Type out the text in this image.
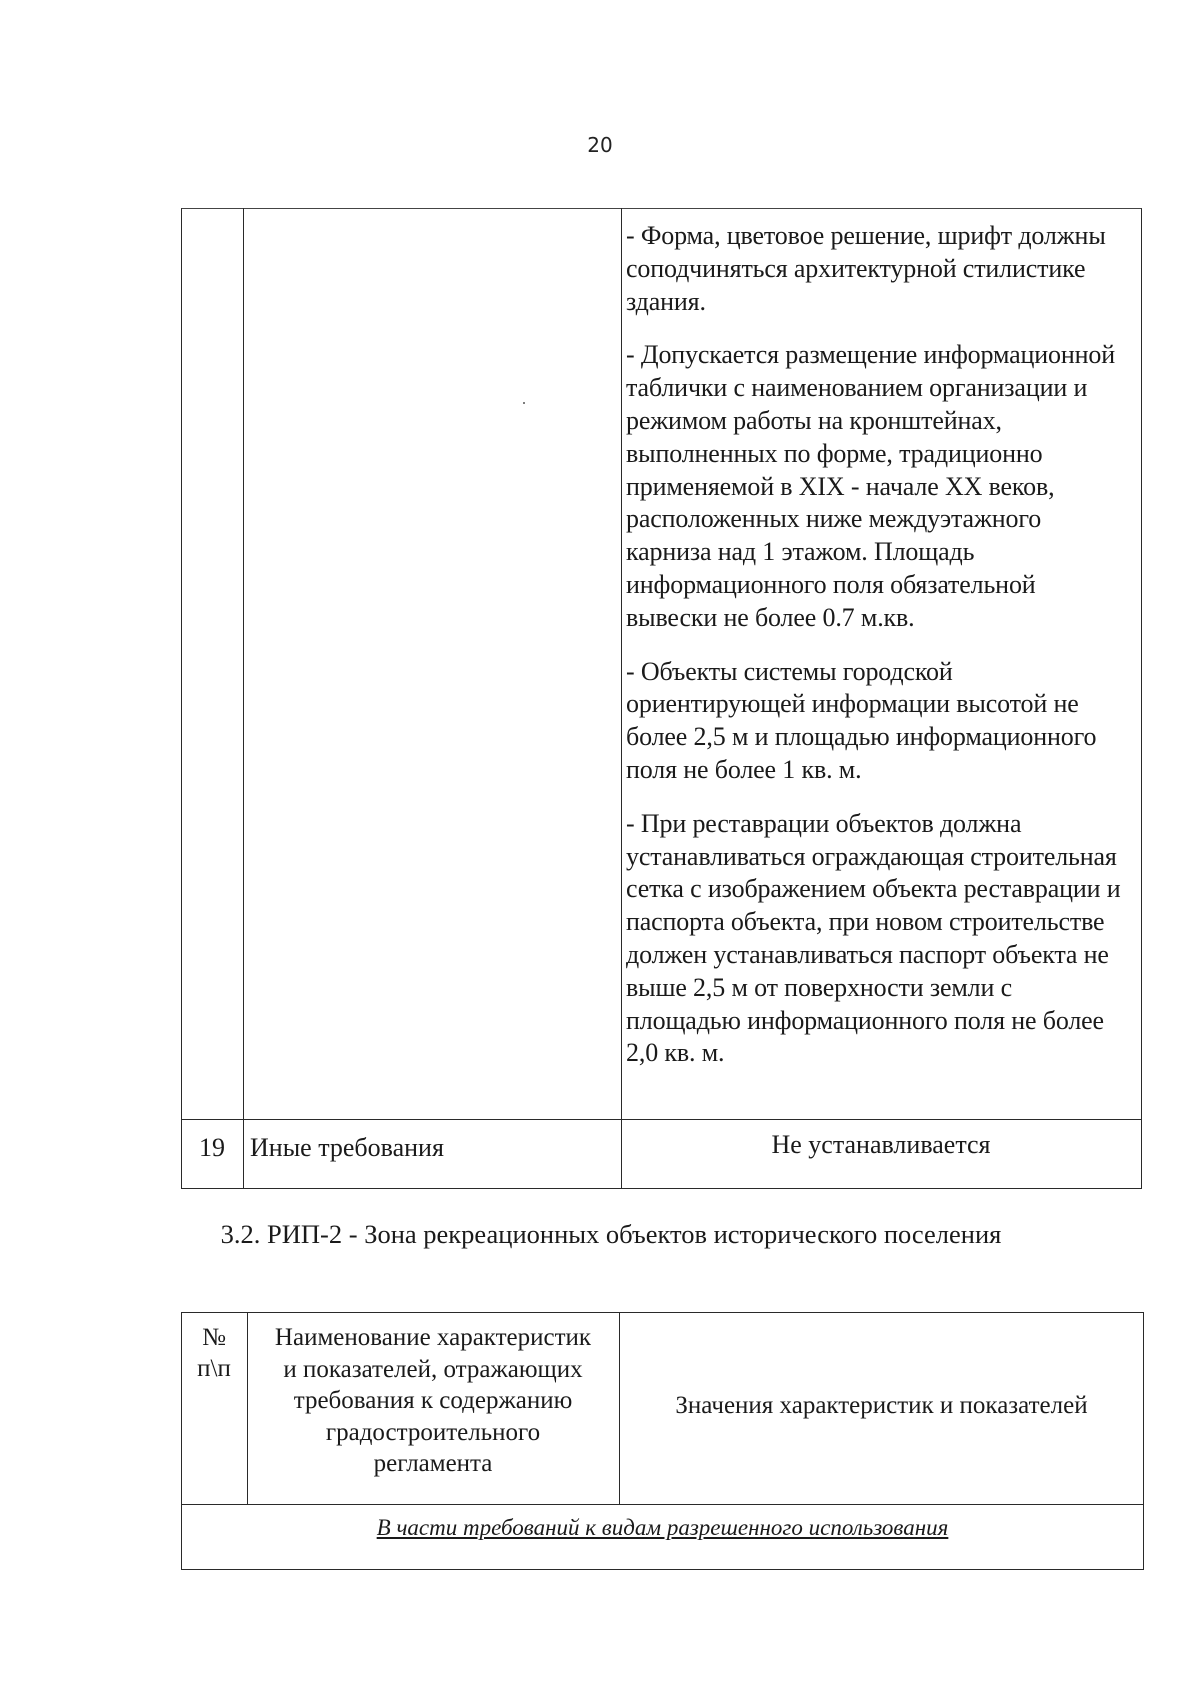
20

- Форма, цветовое решение, шрифт должны соподчиняться архитектурной стилистике здания.

- Допускается размещение информационной таблички с наименованием организации и режимом работы на кронштейнах, выполненных по форме, традиционно применяемой в XIX - начале XX веков, расположенных ниже междуэтажного карниза над 1 этажом. Площадь информационного поля обязательной вывески не более 0.7 м.кв.

- Объекты системы городской ориентирующей информации высотой не более 2,5 м и площадью информационного поля не более 1 кв. м.

- При реставрации объектов должна устанавливаться ограждающая строительная сетка с изображением объекта реставрации и паспорта объекта, при новом строительстве должен устанавливаться паспорт объекта не выше 2,5 м от поверхности земли с площадью информационного поля не более 2,0 кв. м.

19 Иные требования	Не устанавливается
3.2. РИП-2 - Зона рекреационных объектов исторического поселения
№
п\п
Наименование характеристик
и показателей, отражающих
требования к содержанию
градостроительного
регламента
Значения характеристик и показателей
В части требований к видам разрешенного использования
